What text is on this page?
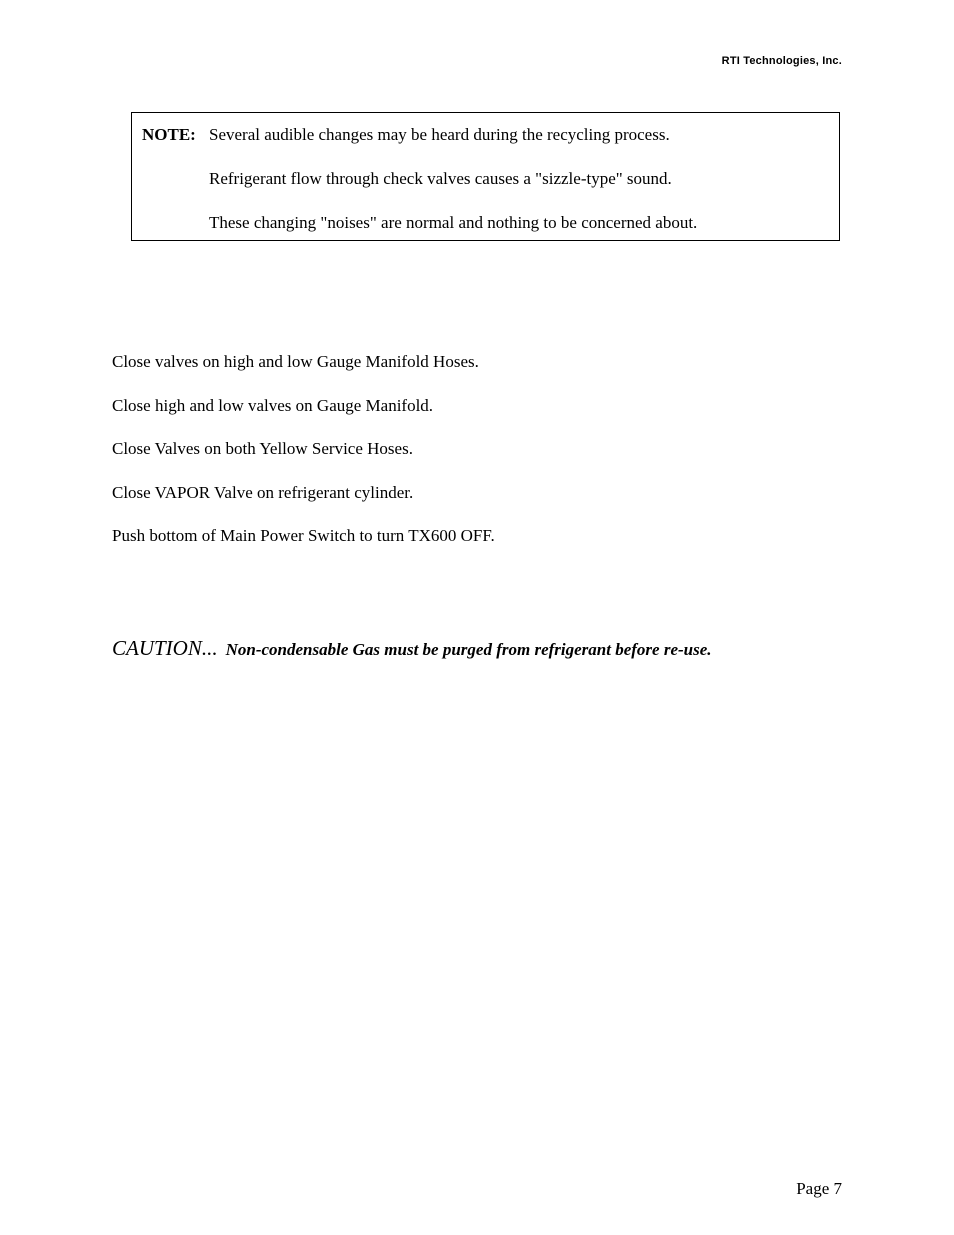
RTI Technologies, Inc.
NOTE: Several audible changes may be heard during the recycling process.
Refrigerant flow through check valves causes a "sizzle-type" sound.
These changing "noises" are normal and nothing to be concerned about.
Close valves on high and low Gauge Manifold Hoses.
Close high and low valves on Gauge Manifold.
Close Valves on both Yellow Service Hoses.
Close VAPOR Valve on refrigerant cylinder.
Push bottom of Main Power Switch to turn TX600 OFF.
CAUTION... Non-condensable Gas must be purged from refrigerant before re-use.
Page 7
